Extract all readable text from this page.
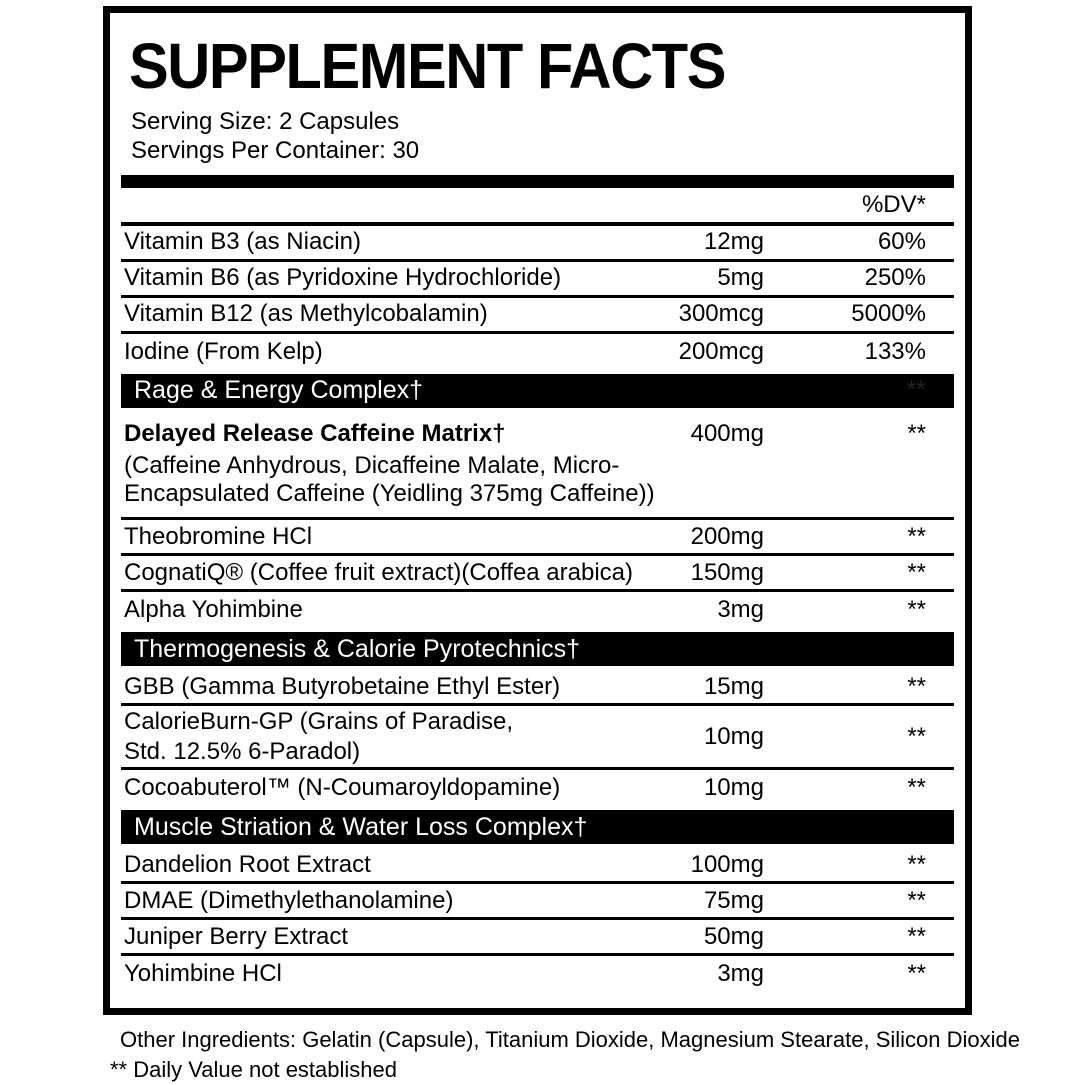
SUPPLEMENT FACTS
Serving Size: 2 Capsules
Servings Per Container: 30
%DV*
Vitamin B3 (as Niacin)	12mg	60%
Vitamin B6 (as Pyridoxine Hydrochloride)	5mg	250%
Vitamin B12 (as Methylcobalamin)	300mcg	5000%
Iodine (From Kelp)	200mcg	133%
Rage & Energy Complex†	**
Delayed Release Caffeine Matrix†	400mg	**
(Caffeine Anhydrous, Dicaffeine Malate, Micro-
Encapsulated Caffeine (Yeidling 375mg Caffeine))
Theobromine HCl	200mg	**
CognatiQ® (Coffee fruit extract)(Coffea arabica)	150mg	**
Alpha Yohimbine	3mg	**
Thermogenesis & Calorie Pyrotechnics†
GBB (Gamma Butyrobetaine Ethyl Ester)	15mg	**
CalorieBurn-GP (Grains of Paradise,
Std. 12.5% 6-Paradol)
10mg	**
Cocoabuterol™ (N-Coumaroyldopamine)	10mg	**
Muscle Striation & Water Loss Complex†
Dandelion Root Extract	100mg	**
DMAE (Dimethylethanolamine)	75mg	**
Juniper Berry Extract	50mg	**
Yohimbine HCl	3mg	**
Other Ingredients: Gelatin (Capsule), Titanium Dioxide, Magnesium Stearate, Silicon Dioxide
** Daily Value not established
